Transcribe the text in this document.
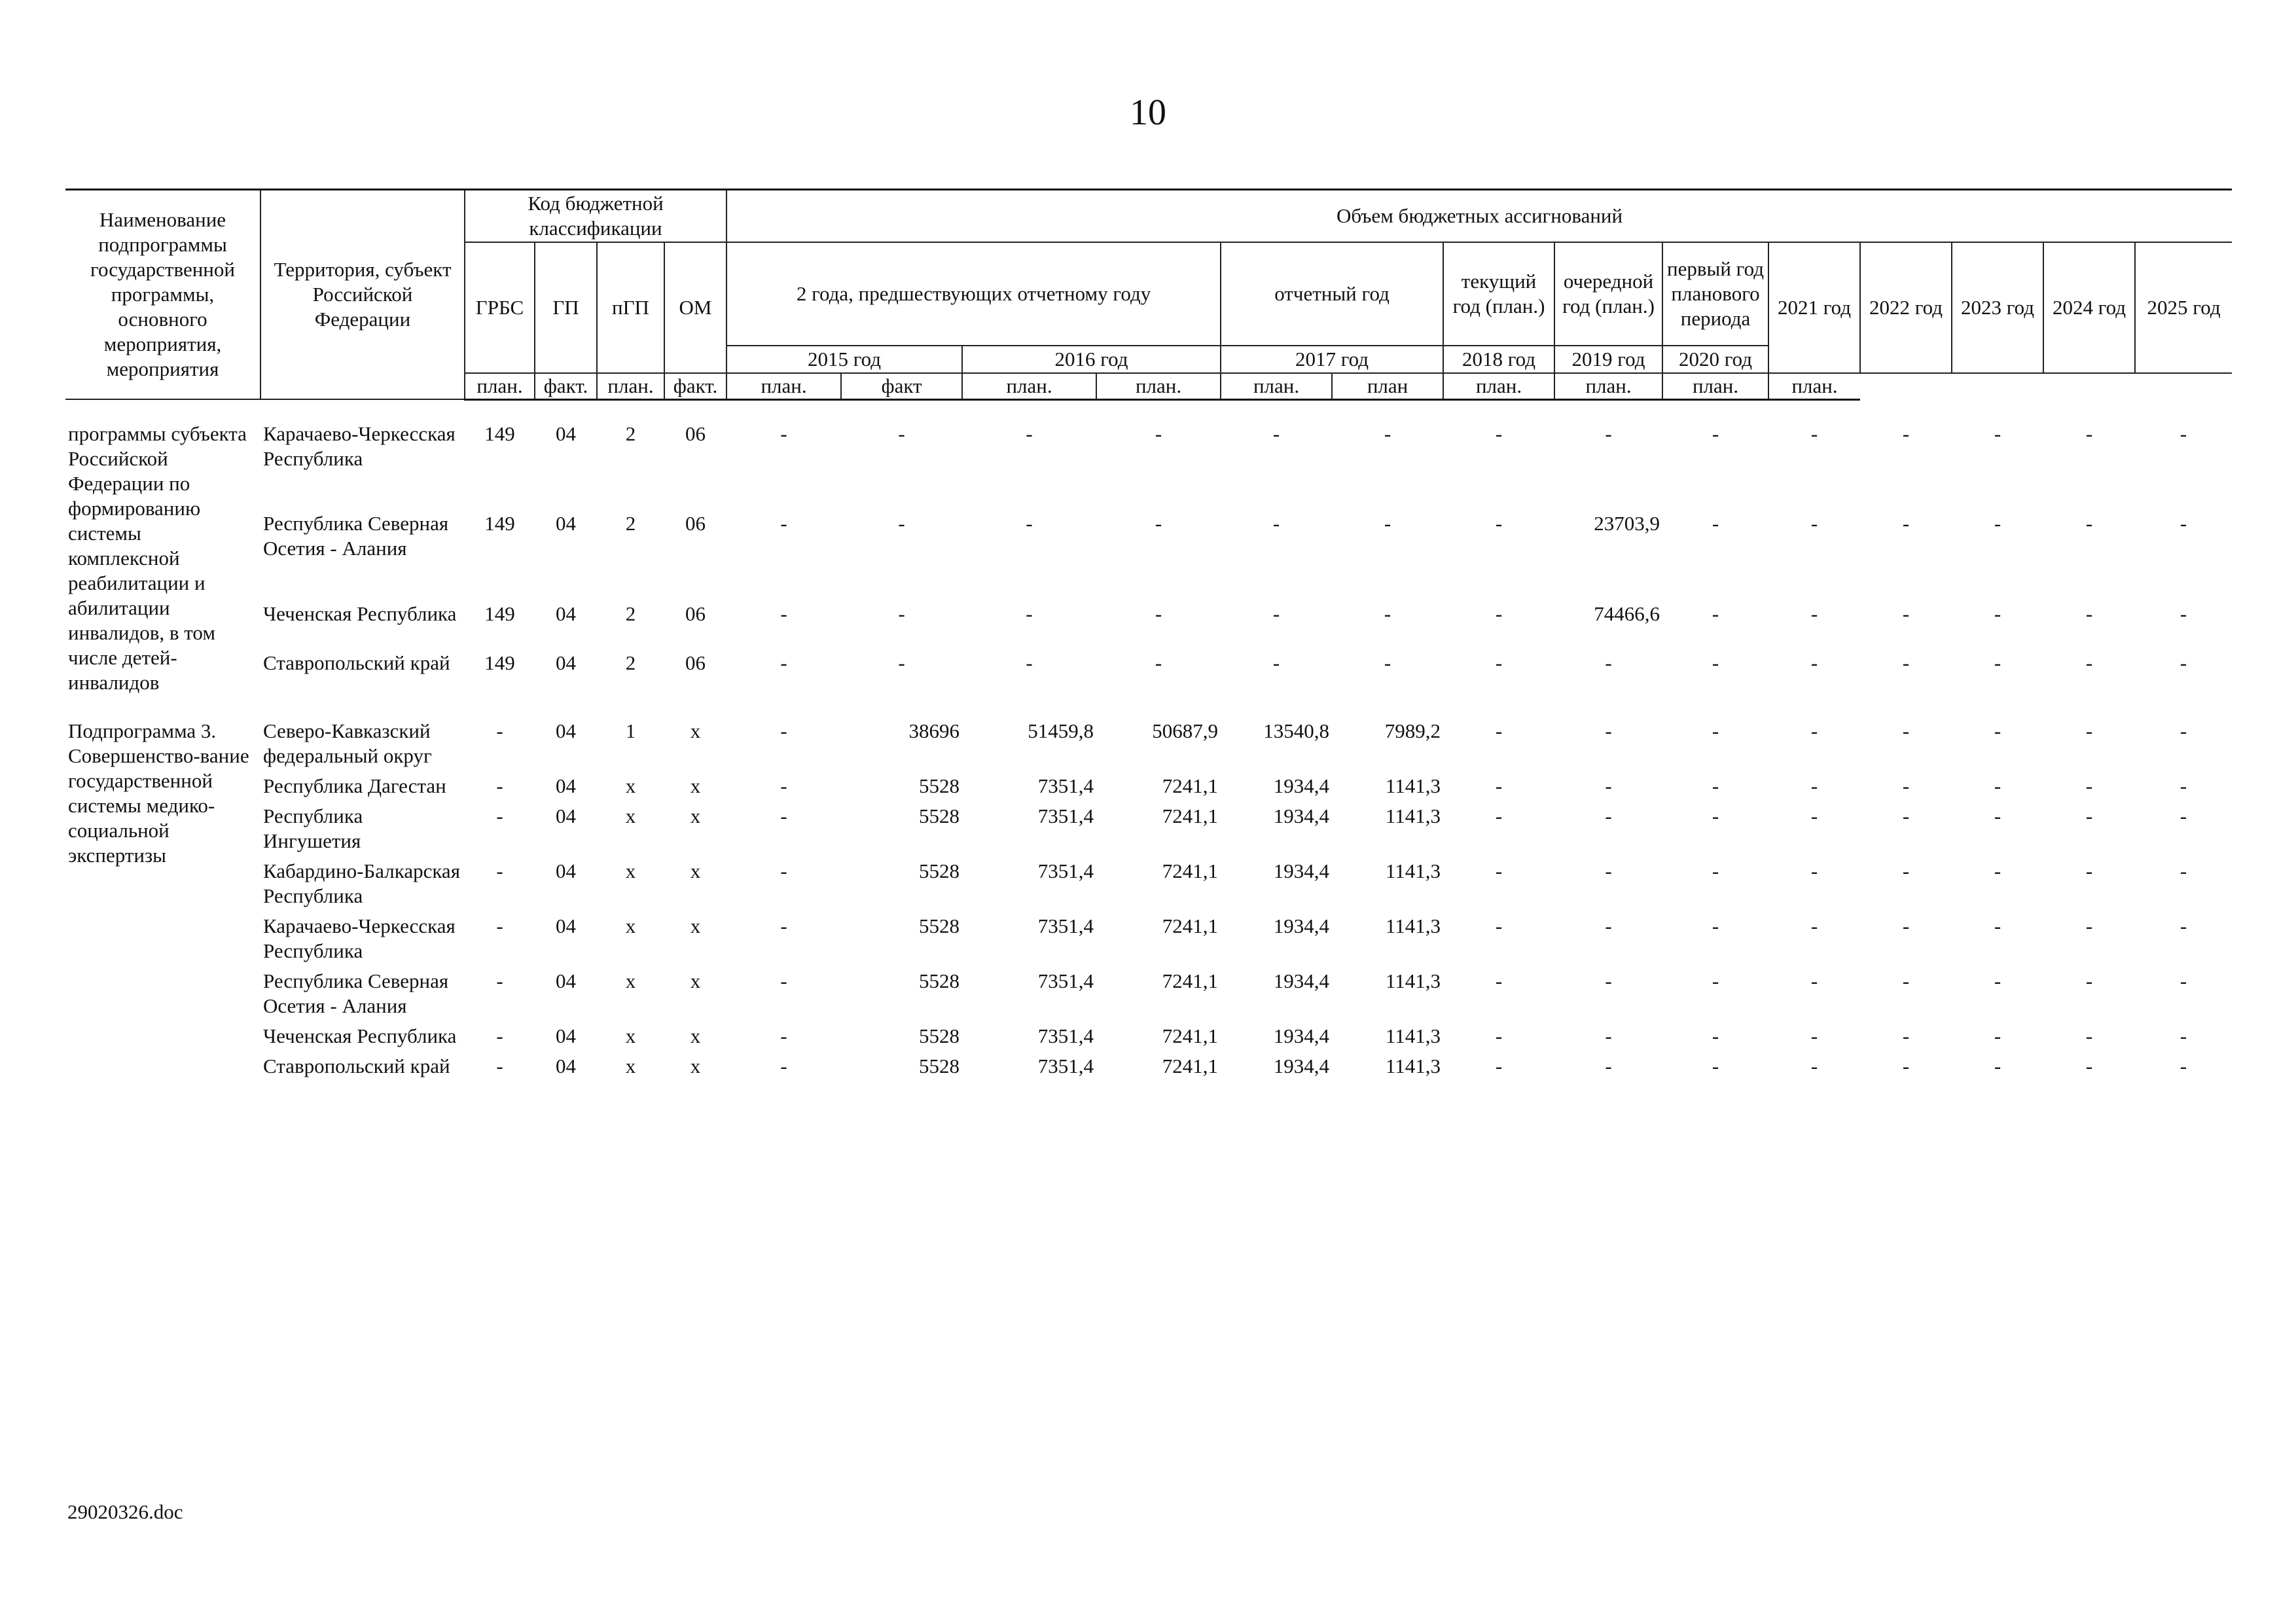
10
Наименование подпрограммы государственной программы, основного мероприятия, мероприятия	Территория, субъект Российской Федерации	Код бюджетной классификации				Объем бюджетных ассигнований													
		ГРБС	ГП	пГП	ОМ	2 года, предшествующих отчетному году				отчетный год		текущий год (план.)	очередной год (план.)	первый год планового периода	2021 год	2022 год	2023 год	2024 год	2025 год
						2015 год		2016 год		2017 год		2018 год	2019 год	2020 год					
		план.	факт.	план.	факт.	план.	факт	план.	план.	план.	план	план.	план.	план.	план.				

программы субъекта Российской Федерации по формированию системы комплексной реабилитации и абилитации инвалидов, в том числе детей-инвалидов	Карачаево-Черкесская Республика	149	04	2	06	-	-	-	-	-	-	-	-	-	-	-	-	-	-
	Республика Северная Осетия - Алания	149	04	2	06	-	-	-	-	-	-	-	23703,9	-	-	-	-	-	-
	Чеченская Республика	149	04	2	06	-	-	-	-	-	-	-	74466,6	-	-	-	-	-	-
	Ставропольский край	149	04	2	06	-	-	-	-	-	-	-	-	-	-	-	-	-	-

Подпрограмма 3. Совершенство-вание государственной системы медико-социальной экспертизы	Северо-Кавказский федеральный округ	-	04	1	х	-	38696	51459,8	50687,9	13540,8	7989,2	-	-	-	-	-	-	-	-
	Республика Дагестан	-	04	х	х	-	5528	7351,4	7241,1	1934,4	1141,3	-	-	-	-	-	-	-	-
	Республика Ингушетия	-	04	х	х	-	5528	7351,4	7241,1	1934,4	1141,3	-	-	-	-	-	-	-	-
	Кабардино-Балкарская Республика	-	04	х	х	-	5528	7351,4	7241,1	1934,4	1141,3	-	-	-	-	-	-	-	-
	Карачаево-Черкесская Республика	-	04	х	х	-	5528	7351,4	7241,1	1934,4	1141,3	-	-	-	-	-	-	-	-
	Республика Северная Осетия - Алания	-	04	х	х	-	5528	7351,4	7241,1	1934,4	1141,3	-	-	-	-	-	-	-	-
	Чеченская Республика	-	04	х	х	-	5528	7351,4	7241,1	1934,4	1141,3	-	-	-	-	-	-	-	-
	Ставропольский край	-	04	х	х	-	5528	7351,4	7241,1	1934,4	1141,3	-	-	-	-	-	-	-	-
29020326.doc
